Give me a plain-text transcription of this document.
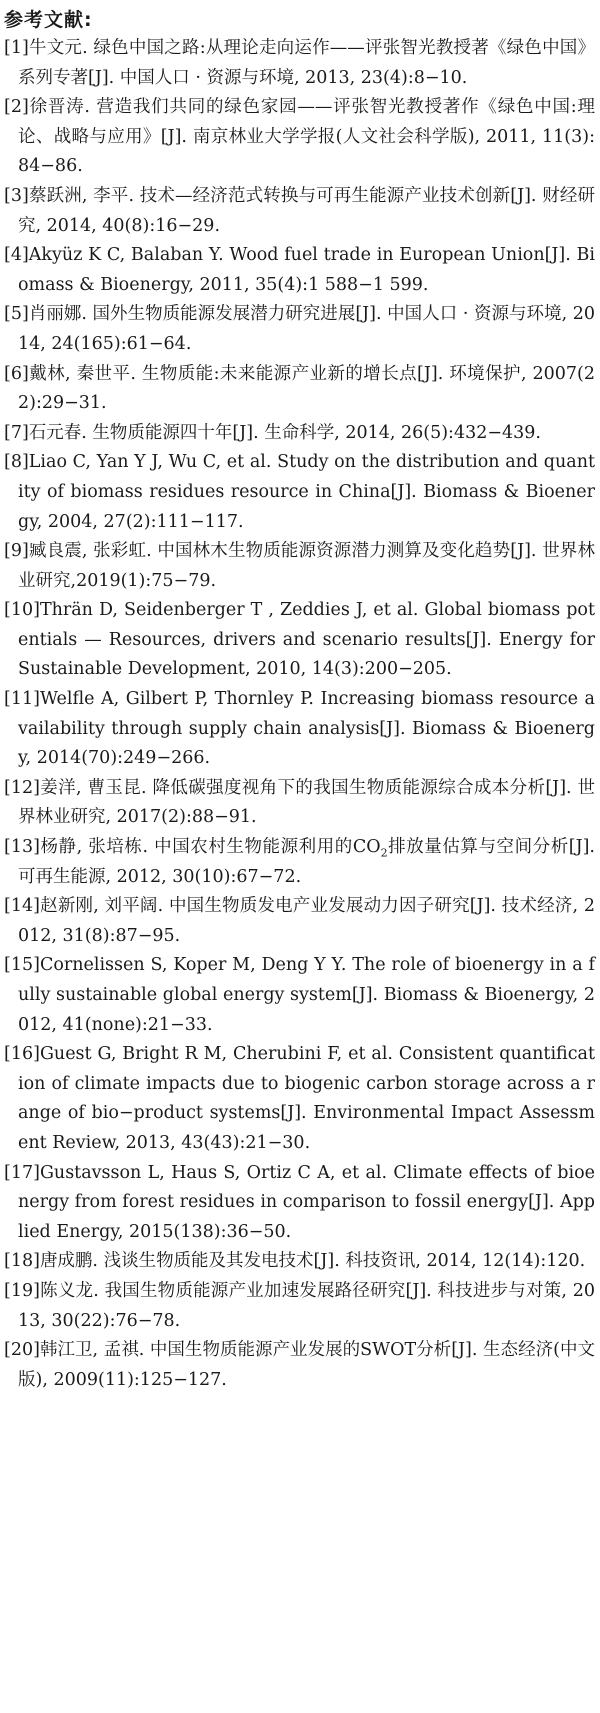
参考文献:

[1]牛文元. 绿色中国之路:从理论走向运作——评张智光教授著《绿色中国》系列专著[J]. 中国人口 · 资源与环境, 2013, 23(4):8−10.

[2]徐晋涛. 营造我们共同的绿色家园——评张智光教授著作《绿色中国:理论、战略与应用》[J]. 南京林业大学学报(人文社会科学版), 2011, 11(3):84−86.

[3]蔡跃洲, 李平. 技术—经济范式转换与可再生能源产业技术创新[J]. 财经研究, 2014, 40(8):16−29.

[4]Akyüz K C, Balaban Y. Wood fuel trade in European Union[J]. Biomass & Bioenergy, 2011, 35(4):1 588−1 599.

[5]肖丽娜. 国外生物质能源发展潜力研究进展[J]. 中国人口 · 资源与环境, 2014, 24(165):61−64.

[6]戴林, 秦世平. 生物质能:未来能源产业新的增长点[J]. 环境保护, 2007(22):29−31.

[7]石元春. 生物质能源四十年[J]. 生命科学, 2014, 26(5):432−439.

[8]Liao C, Yan Y J, Wu C, et al. Study on the distribution and quantity of biomass residues resource in China[J]. Biomass & Bioenergy, 2004, 27(2):111−117.

[9]臧良震, 张彩虹. 中国林木生物质能源资源潜力测算及变化趋势[J]. 世界林业研究,2019(1):75−79.

[10]Thrän D, Seidenberger T , Zeddies J, et al. Global biomass potentials — Resources, drivers and scenario results[J]. Energy for Sustainable Development, 2010, 14(3):200−205.

[11]Welfle A, Gilbert P, Thornley P. Increasing biomass resource availability through supply chain analysis[J]. Biomass & Bioenergy, 2014(70):249−266.

[12]姜洋, 曹玉昆. 降低碳强度视角下的我国生物质能源综合成本分析[J]. 世界林业研究, 2017(2):88−91.

[13]杨静, 张培栋. 中国农村生物能源利用的$CO_2$排放量估算与空间分析[J]. 可再生能源, 2012, 30(10):67−72.

[14]赵新刚, 刘平阔. 中国生物质发电产业发展动力因子研究[J]. 技术经济, 2012, 31(8):87−95.

[15]Cornelissen S, Koper M, Deng Y Y. The role of bioenergy in a fully sustainable global energy system[J]. Biomass & Bioenergy, 2012, 41(none):21−33.

[16]Guest G, Bright R M, Cherubini F, et al. Consistent quantification of climate impacts due to biogenic carbon storage across a range of bio−product systems[J]. Environmental Impact Assessment Review, 2013, 43(43):21−30.

[17]Gustavsson L, Haus S, Ortiz C A, et al. Climate effects of bioenergy from forest residues in comparison to fossil energy[J]. Applied Energy, 2015(138):36−50.

[18]唐成鹏. 浅谈生物质能及其发电技术[J]. 科技资讯, 2014, 12(14):120.

[19]陈义龙. 我国生物质能源产业加速发展路径研究[J]. 科技进步与对策, 2013, 30(22):76−78.

[20]韩江卫, 孟祺. 中国生物质能源产业发展的SWOT分析[J]. 生态经济(中文版), 2009(11):125−127.
